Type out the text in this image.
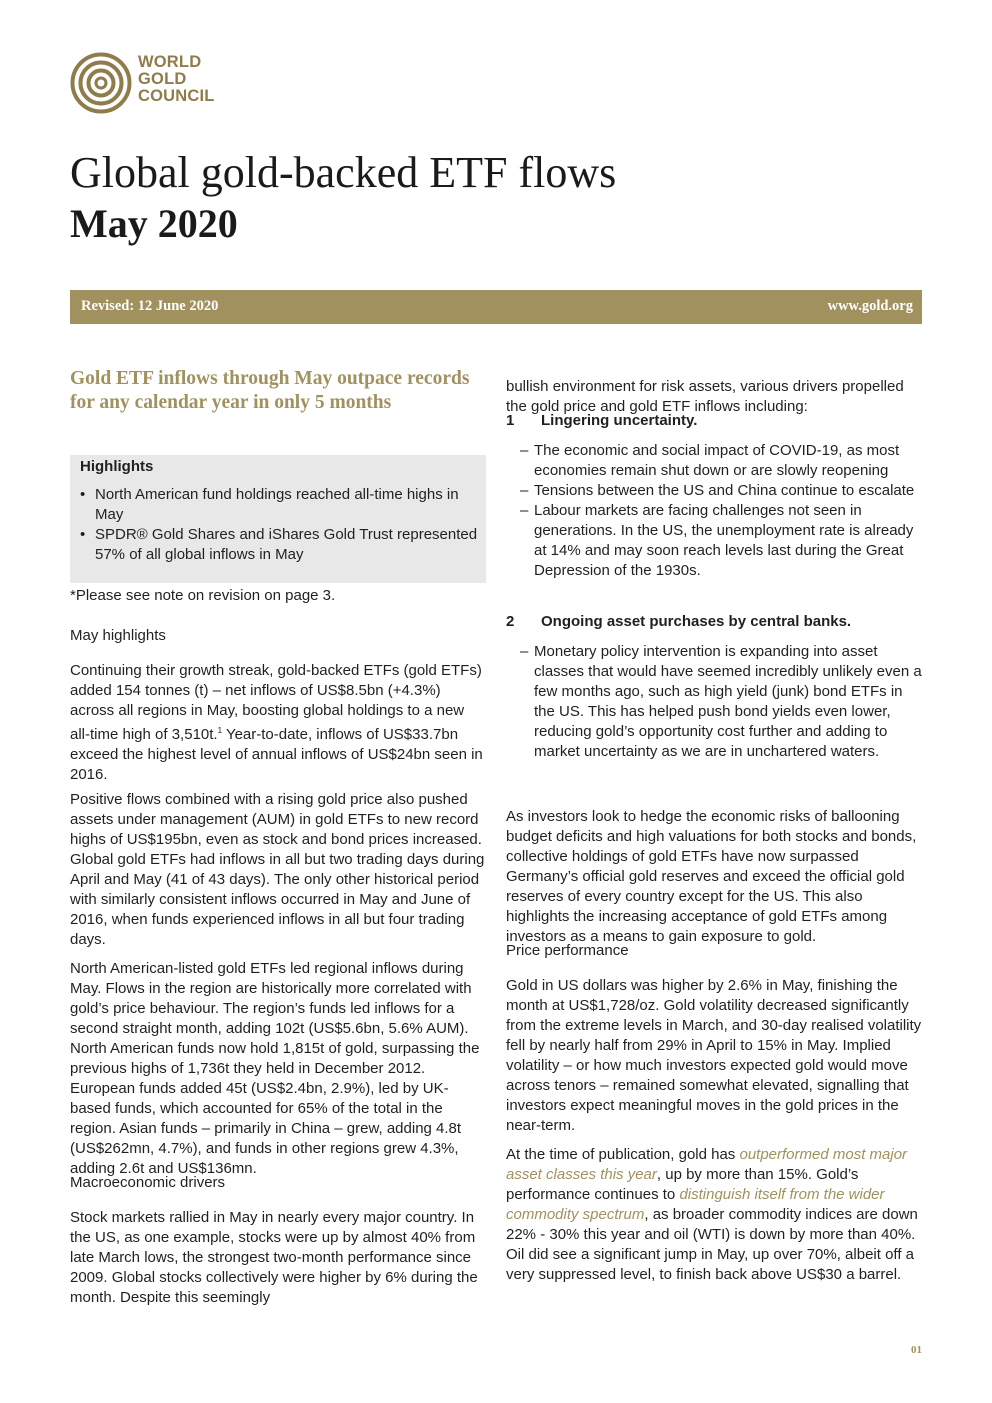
WORLD
GOLD
COUNCIL
Global gold-backed ETF flows
May 2020
Revised: 12 June 2020	www.gold.org

Gold ETF inflows through May outpace records for any calendar year in only 5 months

Highlights
• North American fund holdings reached all-time highs in May
• SPDR® Gold Shares and iShares Gold Trust represented 57% of all global inflows in May
*Please see note on revision on page 3.
May highlights

Continuing their growth streak, gold-backed ETFs (gold ETFs) added 154 tonnes (t) – net inflows of US$8.5bn (+4.3%) across all regions in May, boosting global holdings to a new all-time high of 3,510t.$^1$ Year-to-date, inflows of US$33.7bn exceed the highest level of annual inflows of US$24bn seen in 2016.

Positive flows combined with a rising gold price also pushed assets under management (AUM) in gold ETFs to new record highs of US$195bn, even as stock and bond prices increased. Global gold ETFs had inflows in all but two trading days during April and May (41 of 43 days). The only other historical period with similarly consistent inflows occurred in May and June of 2016, when funds experienced inflows in all but four trading days.

North American-listed gold ETFs led regional inflows during May. Flows in the region are historically more correlated with gold’s price behaviour. The region’s funds led inflows for a second straight month, adding 102t (US$5.6bn, 5.6% AUM). North American funds now hold 1,815t of gold, surpassing the previous highs of 1,736t they held in December 2012. European funds added 45t (US$2.4bn, 2.9%), led by UK-based funds, which accounted for 65% of the total in the region. Asian funds – primarily in China – grew, adding 4.8t (US$262mn, 4.7%), and funds in other regions grew 4.3%, adding 2.6t and US$136mn.

Macroeconomic drivers

Stock markets rallied in May in nearly every major country. In the US, as one example, stocks were up by almost 40% from late March lows, the strongest two-month performance since 2009. Global stocks collectively were higher by 6% during the month. Despite this seemingly

bullish environment for risk assets, various drivers propelled the gold price and gold ETF inflows including:

1 Lingering uncertainty.
– The economic and social impact of COVID-19, as most economies remain shut down or are slowly reopening
– Tensions between the US and China continue to escalate
– Labour markets are facing challenges not seen in generations. In the US, the unemployment rate is already at 14% and may soon reach levels last during the Great Depression of the 1930s.
2 Ongoing asset purchases by central banks.
– Monetary policy intervention is expanding into asset classes that would have seemed incredibly unlikely even a few months ago, such as high yield (junk) bond ETFs in the US. This has helped push bond yields even lower, reducing gold’s opportunity cost further and adding to market uncertainty as we are in unchartered waters.

As investors look to hedge the economic risks of ballooning budget deficits and high valuations for both stocks and bonds, collective holdings of gold ETFs have now surpassed Germany’s official gold reserves and exceed the official gold reserves of every country except for the US. This also highlights the increasing acceptance of gold ETFs among investors as a means to gain exposure to gold.

Price performance

Gold in US dollars was higher by 2.6% in May, finishing the month at US$1,728/oz. Gold volatility decreased significantly from the extreme levels in March, and 30-day realised volatility fell by nearly half from 29% in April to 15% in May. Implied volatility – or how much investors expected gold would move across tenors – remained somewhat elevated, signalling that investors expect meaningful moves in the gold prices in the near-term.

At the time of publication, gold has outperformed most major asset classes this year, up by more than 15%. Gold’s performance continues to distinguish itself from the wider commodity spectrum, as broader commodity indices are down 22% - 30% this year and oil (WTI) is down by more than 40%. Oil did see a significant jump in May, up over 70%, albeit off a very suppressed level, to finish back above US$30 a barrel.

01
